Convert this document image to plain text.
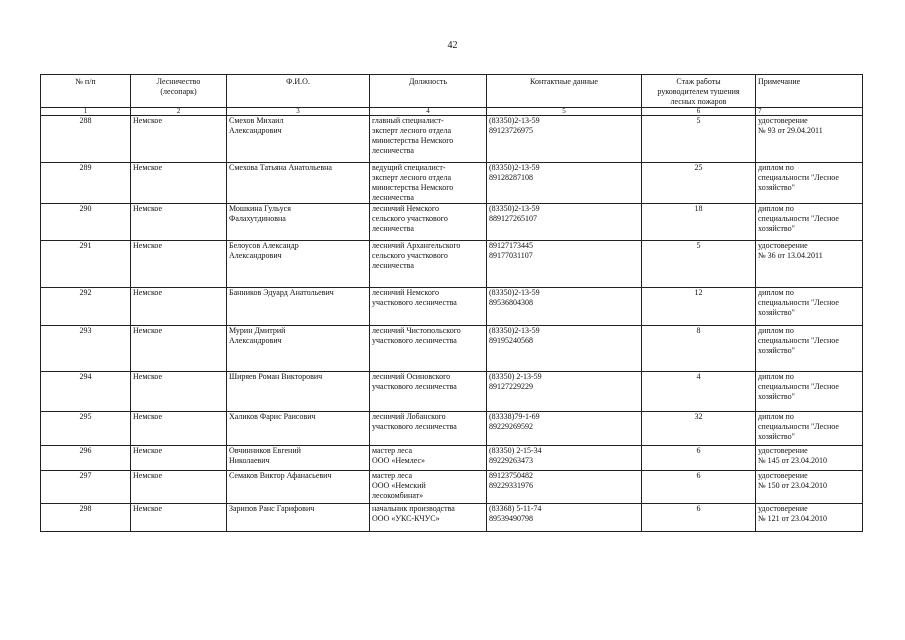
42
№ п/п	Лесничество
(лесопарк)	Ф.И.О.	Должность	Контактные данные	Стаж работы
руководителем тушения
лесных пожаров	Примечание

1	2	3	4	5	6	7

288	Немское	Смехов Михаил
Александрович	главный специалист-
эксперт лесного отдела
министерства Немского
лесничества	(83350)2-13-59
89123726975	5	удостоверение
№ 93 от 29.04.2011

289	Немское	Смехова Татьяна Анатольевна	ведущий специалист-
эксперт лесного отдела
министерства Немского
лесничества	(83350)2-13-59
89128287108	25	диплом по
специальности "Лесное
хозяйство"

290	Немское	Мошкина Гульуся
Фалахутдиновна	лесничий Немского
сельского участкового
лесничества	(83350)2-13-59
889127265107	18	диплом по
специальности "Лесное
хозяйство"

291	Немское	Белоусов Александр
Александрович	лесничий Архангельского
сельского участкового
лесничества	89127173445
89177031107	5	удостоверение
№ 36 от 13.04.2011

292	Немское	Банников Эдуард Анатольевич	лесничий Немского
участкового лесничества	(83350)2-13-59
89536804308	12	диплом по
специальности "Лесное
хозяйство"

293	Немское	Мурин Дмитрий
Александрович	лесничий Чистопольского
участкового лесничества	(83350)2-13-59
89195240568	8	диплом по
специальности "Лесное
хозяйство"

294	Немское	Ширяев Роман Викторович	лесничий Осиновского
участкового лесничества	(83350) 2-13-59
89127229229	4	диплом по
специальности "Лесное
хозяйство"

295	Немское	Халиков Фарис Раисович	лесничий Лобанского
участкового лесничества	(83338)79-1-69
89229269592	32	диплом по
специальности "Лесное
хозяйство"

296	Немское	Овчинников Евгений
Николаевич	мастер леса
ООО «Немлес»	(83350) 2-15-34
89229263473	6	удостоверение
№ 145 от 23.04.2010

297	Немское	Семаков Виктор Афанасьевич	мастер леса
ООО «Немский
лесокомбинат»	89123750482
89229331976	6	удостоверение
№ 150 от 23.04.2010

298	Немское	Зарипов Ранс Гарифович	начальник производства
ООО «УКС-КЧУС»	(83368) 5-11-74
89539490798	6	удостоверение
№ 121 от 23.04.2010
